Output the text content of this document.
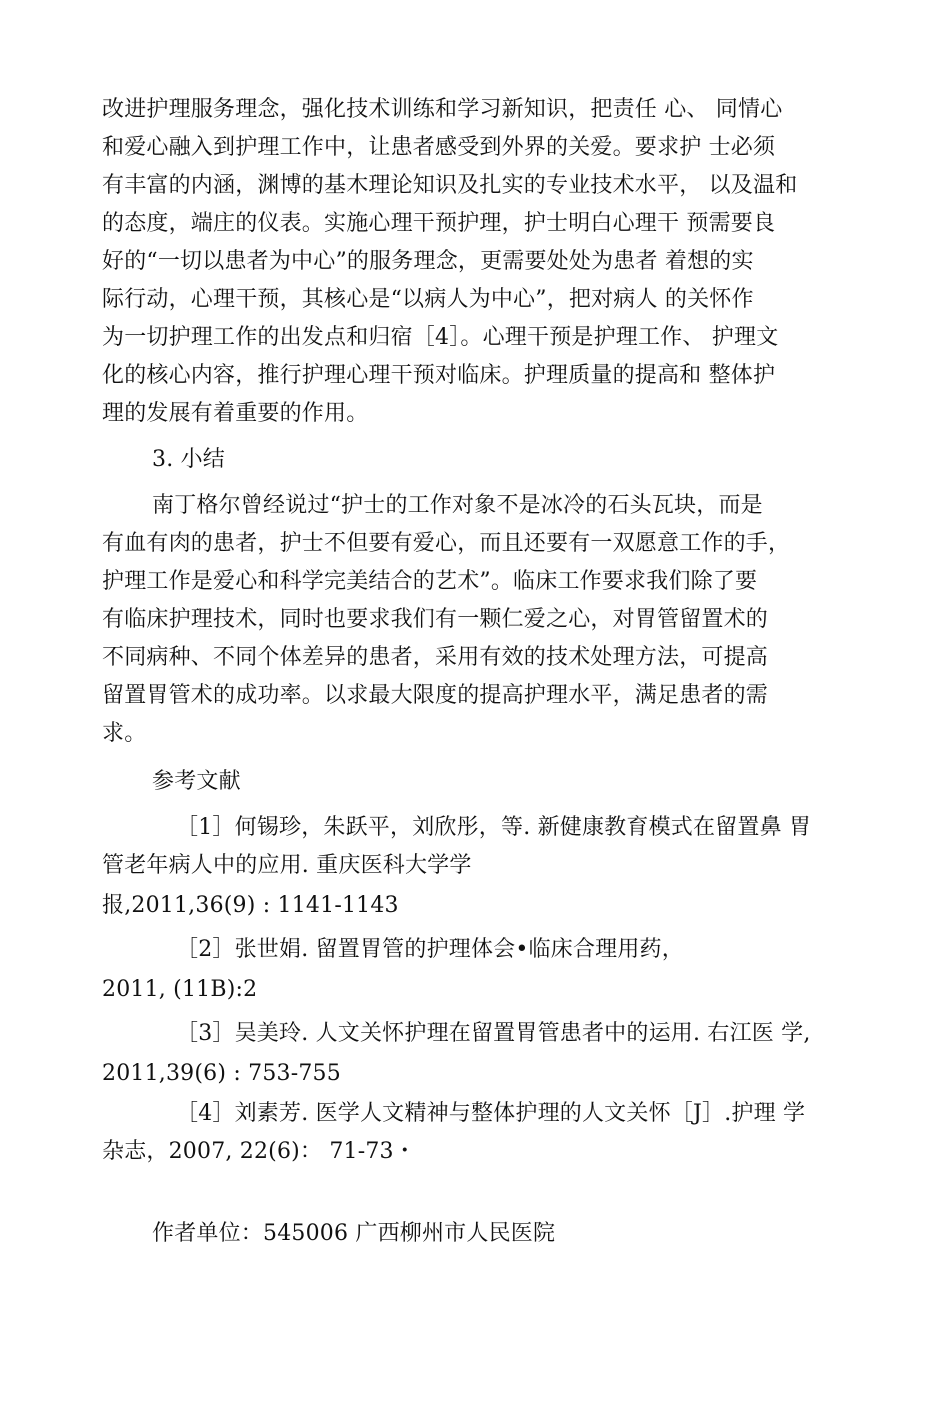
改进护理服务理念，强化技术训练和学习新知识，把责任 心、 同情心
和爱心融入到护理工作中，让患者感受到外界的关爱。要求护 士必须
有丰富的内涵，渊博的基木理论知识及扎实的专业技术水平， 以及温和
的态度，端庄的仪表。实施心理干预护理，护士明白心理干 预需要良
好的“一切以患者为中心”的服务理念，更需要处处为患者 着想的实
际行动，心理干预，其核心是“以病人为中心”，把对病人 的关怀作
为一切护理工作的出发点和归宿［4］。心理干预是护理工作、 护理文
化的核心内容，推行护理心理干预对临床。护理质量的提高和 整体护
理的发展有着重要的作用。
3. 小结
南丁格尔曾经说过“护士的工作对象不是冰冷的石头瓦块，而是
有血有肉的患者，护士不但要有爱心，而且还要有一双愿意工作的手，
护理工作是爱心和科学完美结合的艺术”。临床工作要求我们除了要
有临床护理技术，同时也要求我们有一颗仁爱之心，对胃管留置术的
不同病种、不同个体差异的患者，采用有效的技术处理方法，可提高
留置胃管术的成功率。以求最大限度的提高护理水平，满足患者的需
求。
参考文献
［1］何锡珍，朱跃平，刘欣彤，等. 新健康教育模式在留置鼻 胃
管老年病人中的应用. 重庆医科大学学
报,2011,36(9) : 1141-1143
［2］张世娟. 留置胃管的护理体会•临床合理用药，
2011, (11B):2
［3］吴美玲. 人文关怀护理在留置胃管患者中的运用. 右江医 学,
2011,39(6) : 753-755
［4］刘素芳. 医学人文精神与整体护理的人文关怀［J］.护理 学
杂志，2007, 22(6)： 71-73・
作者单位：545006 广西柳州市人民医院
